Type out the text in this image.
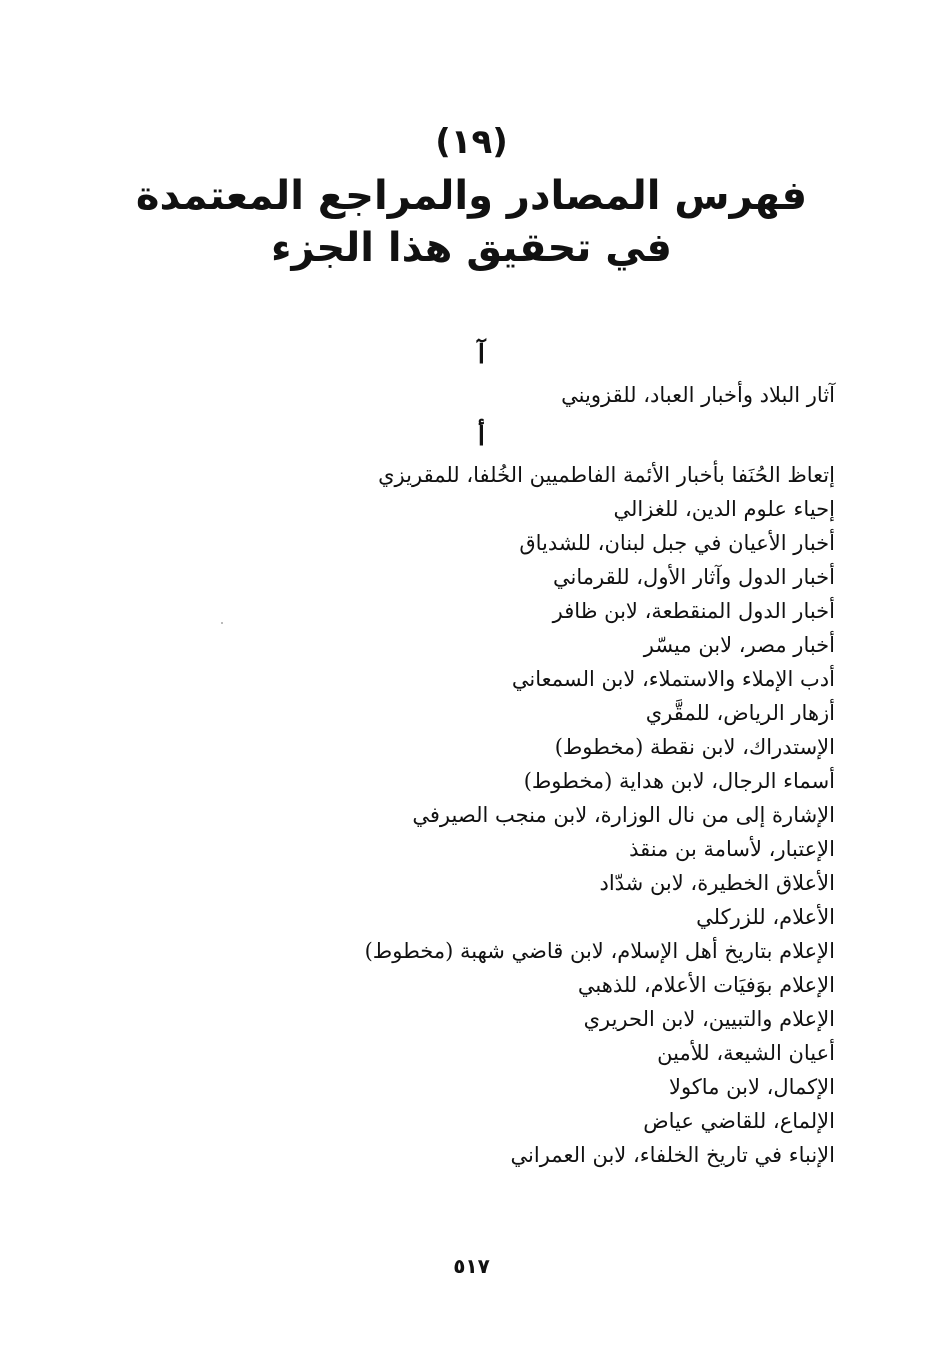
(١٩)
فهرس المصادر والمراجع المعتمدة
في تحقيق هذا الجزء
آ
آثار البلاد وأخبار العباد، للقزويني
أ
إتعاظ الحُنَفا بأخبار الأئمة الفاطميين الخُلفا، للمقريزي
إحياء علوم الدين، للغزالي
أخبار الأعيان في جبل لبنان، للشدياق
أخبار الدول وآثار الأول، للقرماني
أخبار الدول المنقطعة، لابن ظافر
أخبار مصر، لابن ميسّر
أدب الإملاء والاستملاء، لابن السمعاني
أزهار الرياض، للمقَّري
الإستدراك، لابن نقطة (مخطوط)
أسماء الرجال، لابن هداية (مخطوط)
الإشارة إلى من نال الوزارة، لابن منجب الصيرفي
الإعتبار، لأسامة بن منقذ
الأعلاق الخطيرة، لابن شدّاد
الأعلام، للزركلي
الإعلام بتاريخ أهل الإسلام، لابن قاضي شهبة (مخطوط)
الإعلام بوَفيَات الأعلام، للذهبي
الإعلام والتبيين، لابن الحريري
أعيان الشيعة، للأمين
الإكمال، لابن ماكولا
الإلماع، للقاضي عياض
الإنباء في تاريخ الخلفاء، لابن العمراني
٥١٧
